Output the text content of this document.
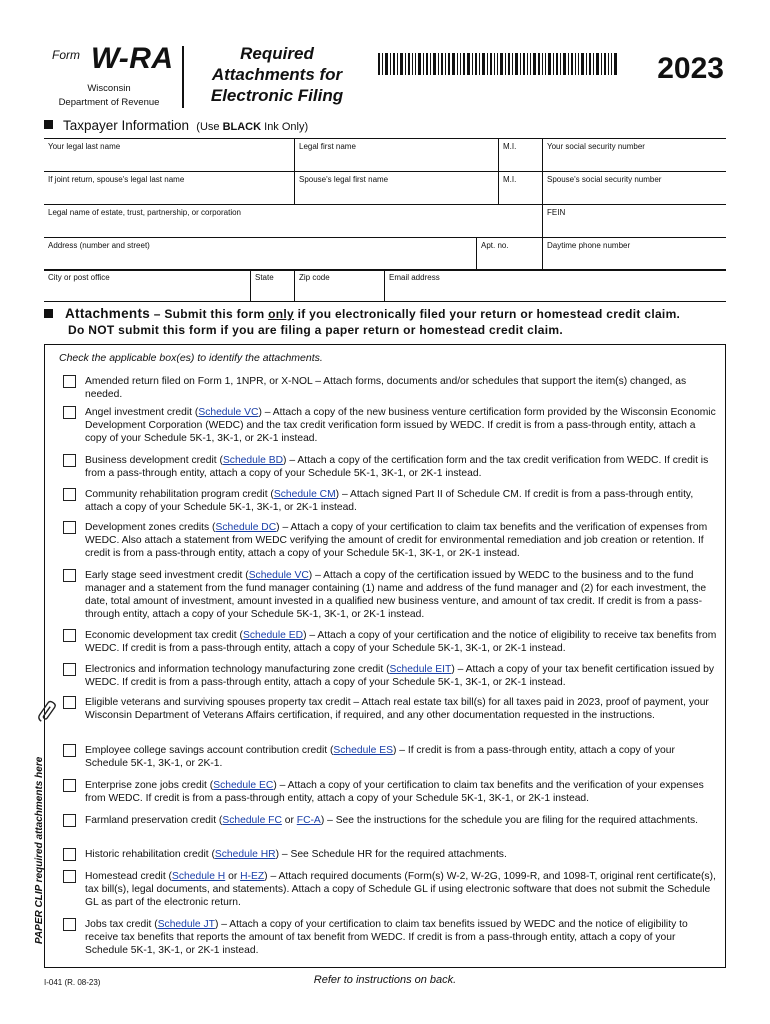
Form W-RA
Wisconsin
Department of Revenue
Required
Attachments for
Electronic Filing
2023
Taxpayer Information (Use BLACK Ink Only)
Your legal last name	Legal first name	M.I.	Your social security number
If joint return, spouse's legal last name	Spouse's legal first name	M.I.	Spouse's social security number
Legal name of estate, trust, partnership, or corporation	FEIN
Address (number and street)	Apt. no.	Daytime phone number
City or post office	State	Zip code	Email address
Attachments – Submit this form only if you electronically filed your return or homestead credit claim.
Do NOT submit this form if you are filing a paper return or homestead credit claim.
Check the applicable box(es) to identify the attachments.
Amended return filed on Form 1, 1NPR, or X-NOL – Attach forms, documents and/or schedules that support the item(s) changed, as needed.
Angel investment credit (Schedule VC) – Attach a copy of the new business venture certification form provided by the Wisconsin Economic Development Corporation (WEDC) and the tax credit verification form issued by WEDC. If credit is from a pass-through entity, attach a copy of your Schedule 5K-1, 3K-1, or 2K-1 instead.
Business development credit (Schedule BD) – Attach a copy of the certification form and the tax credit verification from WEDC. If credit is from a pass-through entity, attach a copy of your Schedule 5K-1, 3K-1, or 2K-1 instead.
Community rehabilitation program credit (Schedule CM) – Attach signed Part II of Schedule CM. If credit is from a pass-through entity, attach a copy of your Schedule 5K-1, 3K-1, or 2K-1 instead.
Development zones credits (Schedule DC) – Attach a copy of your certification to claim tax benefits and the verification of expenses from WEDC. Also attach a statement from WEDC verifying the amount of credit for environmental remediation and job creation or retention. If credit is from a pass-through entity, attach a copy of your Schedule 5K-1, 3K-1, or 2K-1 instead.
Early stage seed investment credit (Schedule VC) – Attach a copy of the certification issued by WEDC to the business and to the fund manager and a statement from the fund manager containing (1) name and address of the fund manager and (2) for each investment, the date, total amount of investment, amount invested in a qualified new business venture, and amount of tax credit. If credit is from a pass-through entity, attach a copy of your Schedule 5K-1, 3K-1, or 2K-1 instead.
Economic development tax credit (Schedule ED) – Attach a copy of your certification and the notice of eligibility to receive tax benefits from WEDC. If credit is from a pass-through entity, attach a copy of your Schedule 5K-1, 3K-1, or 2K-1 instead.
Electronics and information technology manufacturing zone credit (Schedule EIT) – Attach a copy of your tax benefit certification issued by WEDC. If credit is from a pass-through entity, attach a copy of your Schedule 5K-1, 3K-1, or 2K-1 instead.
Eligible veterans and surviving spouses property tax credit – Attach real estate tax bill(s) for all taxes paid in 2023, proof of payment, your Wisconsin Department of Veterans Affairs certification, if required, and any other documentation requested in the instructions.
Employee college savings account contribution credit (Schedule ES) – If credit is from a pass-through entity, attach a copy of your Schedule 5K-1, 3K-1, or 2K-1.
Enterprise zone jobs credit (Schedule EC) – Attach a copy of your certification to claim tax benefits and the verification of your expenses from WEDC. If credit is from a pass-through entity, attach a copy of your Schedule 5K-1, 3K-1, or 2K-1 instead.
Farmland preservation credit (Schedule FC or FC-A) – See the instructions for the schedule you are filing for the required attachments.
Historic rehabilitation credit (Schedule HR) – See Schedule HR for the required attachments.
Homestead credit (Schedule H or H-EZ) – Attach required documents (Form(s) W-2, W-2G, 1099-R, and 1098-T, original rent certificate(s), tax bill(s), legal documents, and statements). Attach a copy of Schedule GL if using electronic software that does not submit the Schedule GL as part of the electronic return.
Jobs tax credit (Schedule JT) – Attach a copy of your certification to claim tax benefits issued by WEDC and the notice of eligibility to receive tax benefits that reports the amount of tax benefit from WEDC. If credit is from a pass-through entity, attach a copy of your Schedule 5K-1, 3K-1, or 2K-1 instead.
PAPER CLIP required attachments here
Refer to instructions on back.
I-041 (R. 08-23)
